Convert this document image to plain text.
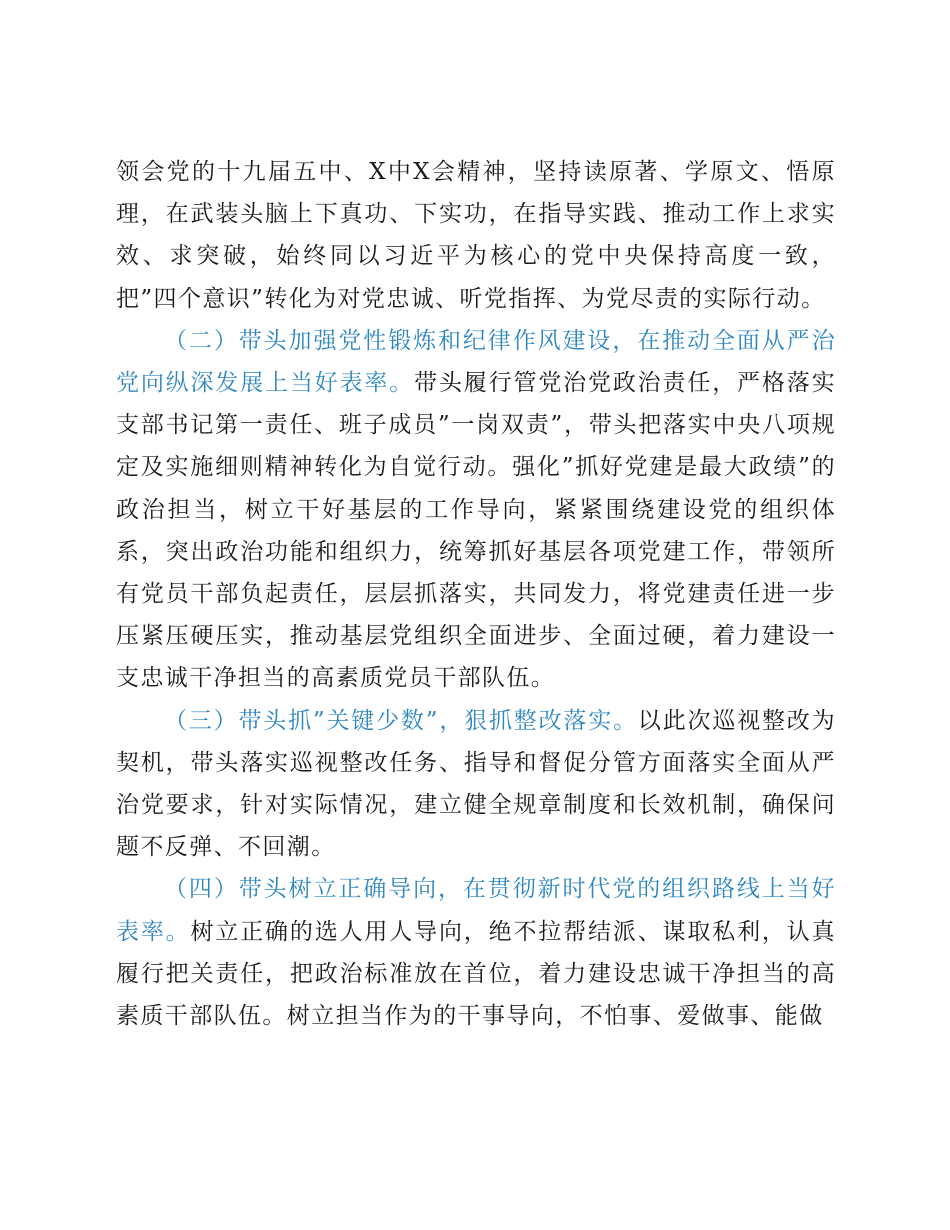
领会党的十九届五中、X中X会精神，坚持读原著、学原文、悟原理，在武装头脑上下真功、下实功，在指导实践、推动工作上求实效、求突破，始终同以习近平为核心的党中央保持高度一致，把”四个意识”转化为对党忠诚、听党指挥、为党尽责的实际行动。

（二）带头加强党性锻炼和纪律作风建设，在推动全面从严治党向纵深发展上当好表率。带头履行管党治党政治责任，严格落实支部书记第一责任、班子成员”一岗双责”，带头把落实中央八项规定及实施细则精神转化为自觉行动。强化”抓好党建是最大政绩”的政治担当，树立干好基层的工作导向，紧紧围绕建设党的组织体系，突出政治功能和组织力，统筹抓好基层各项党建工作，带领所有党员干部负起责任，层层抓落实，共同发力，将党建责任进一步压紧压硬压实，推动基层党组织全面进步、全面过硬，着力建设一支忠诚干净担当的高素质党员干部队伍。

（三）带头抓”关键少数”，狠抓整改落实。以此次巡视整改为契机，带头落实巡视整改任务、指导和督促分管方面落实全面从严治党要求，针对实际情况，建立健全规章制度和长效机制，确保问题不反弹、不回潮。

（四）带头树立正确导向，在贯彻新时代党的组织路线上当好表率。树立正确的选人用人导向，绝不拉帮结派、谋取私利，认真履行把关责任，把政治标准放在首位，着力建设忠诚干净担当的高素质干部队伍。树立担当作为的干事导向，不怕事、爱做事、能做
